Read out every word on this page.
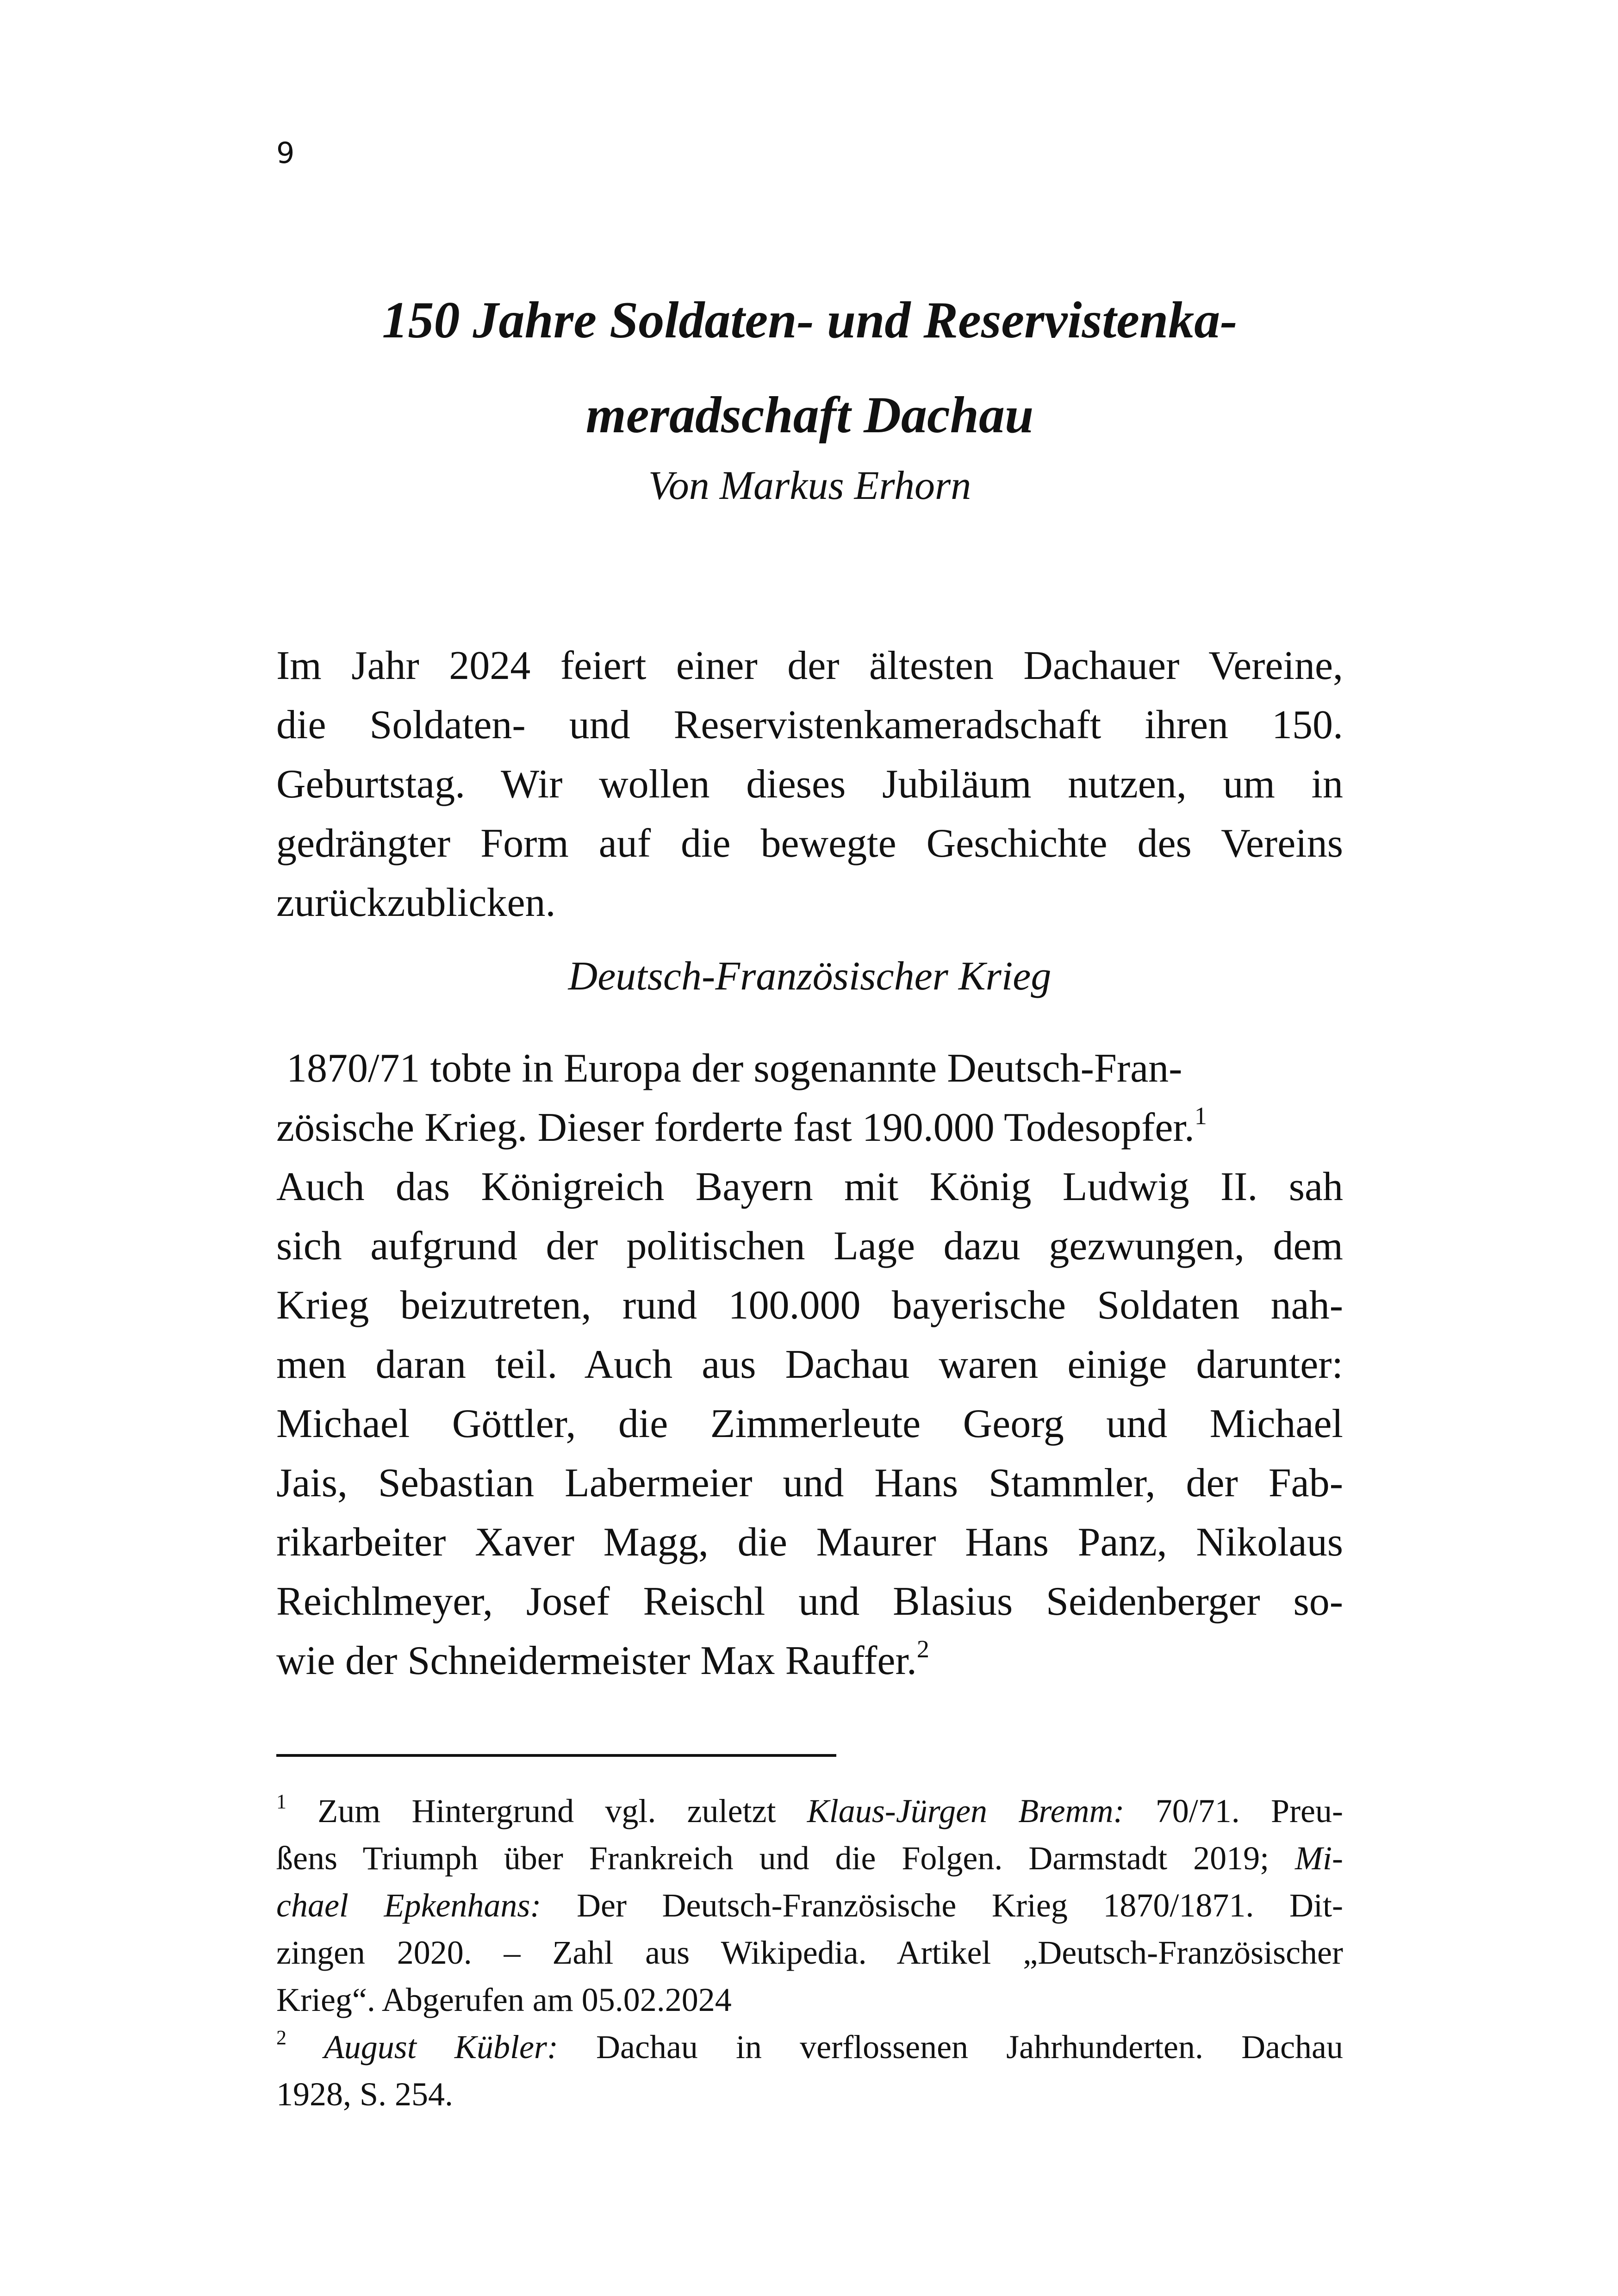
9
150 Jahre Soldaten- und Reservistenka-
meradschaft Dachau
Von Markus Erhorn
Im Jahr 2024 feiert einer der ältesten Dachauer Vereine,
die Soldaten- und Reservistenkameradschaft ihren 150.
Geburtstag. Wir wollen dieses Jubiläum nutzen, um in
gedrängter Form auf die bewegte Geschichte des Vereins
zurückzublicken.
Deutsch-Französischer Krieg
1870/71 tobte in Europa der sogenannte Deutsch-Fran-
zösische Krieg. Dieser forderte fast 190.000 Todesopfer.$^1$
Auch das Königreich Bayern mit König Ludwig II. sah
sich aufgrund der politischen Lage dazu gezwungen, dem
Krieg beizutreten, rund 100.000 bayerische Soldaten nah-
men daran teil. Auch aus Dachau waren einige darunter:
Michael Göttler, die Zimmerleute Georg und Michael
Jais, Sebastian Labermeier und Hans Stammler, der Fab-
rikarbeiter Xaver Magg, die Maurer Hans Panz, Nikolaus
Reichlmeyer, Josef Reischl und Blasius Seidenberger so-
wie der Schneidermeister Max Rauffer.$^2$
$^1$ Zum Hintergrund vgl. zuletzt Klaus-Jürgen Bremm: 70/71. Preu-
ßens Triumph über Frankreich und die Folgen. Darmstadt 2019; Mi-
chael Epkenhans: Der Deutsch-Französische Krieg 1870/1871. Dit-
zingen 2020. – Zahl aus Wikipedia. Artikel „Deutsch-Französischer
Krieg“. Abgerufen am 05.02.2024
$^2$ August Kübler: Dachau in verflossenen Jahrhunderten. Dachau
1928, S. 254.
